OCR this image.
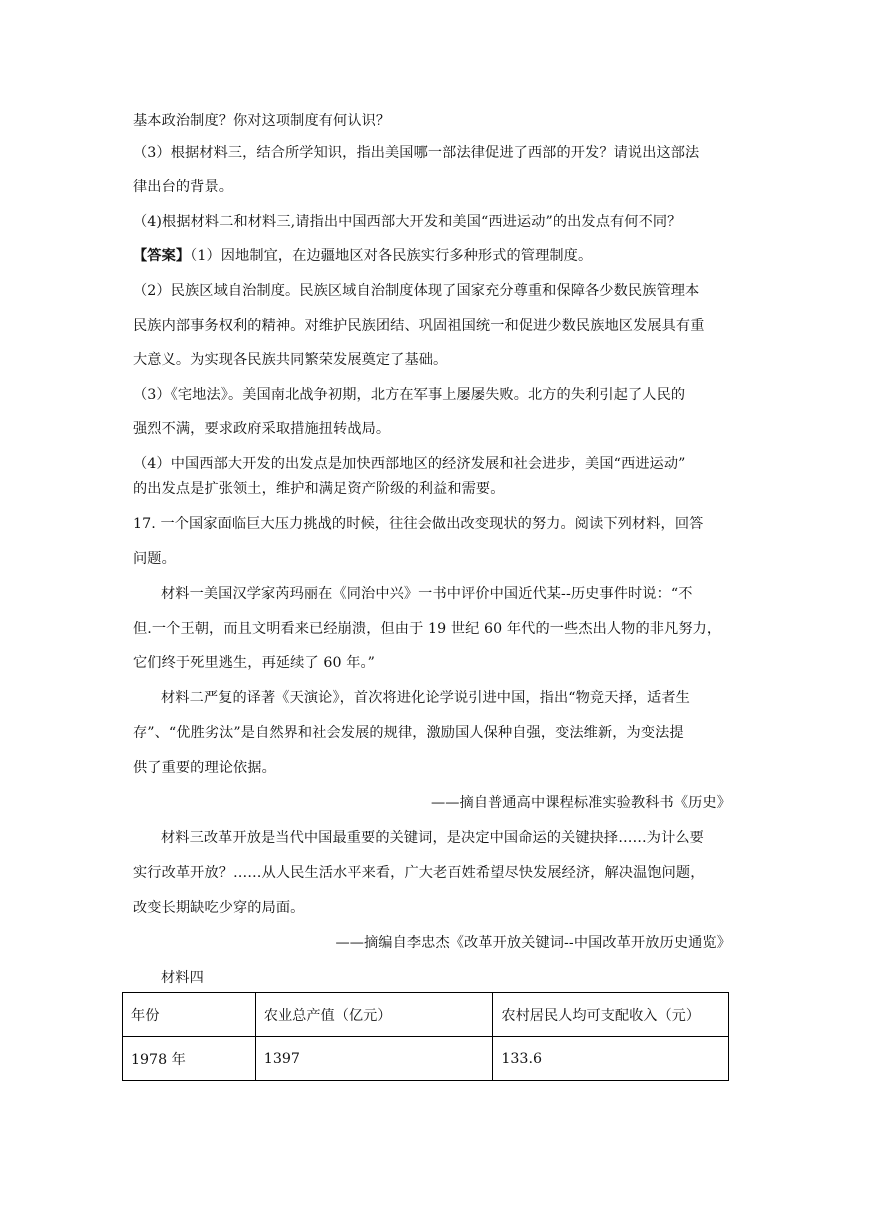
基本政治制度？你对这项制度有何认识？
（3）根据材料三，结合所学知识，指出美国哪一部法律促进了西部的开发？请说出这部法
律出台的背景。
（4)根据材料二和材料三,请指出中国西部大开发和美国“西进运动”的出发点有何不同？
【答案】（1）因地制宜，在边疆地区对各民族实行多种形式的管理制度。
（2）民族区域自治制度。民族区域自治制度体现了国家充分尊重和保障各少数民族管理本
民族内部事务权利的精神。对维护民族团结、巩固祖国统一和促进少数民族地区发展具有重
大意义。为实现各民族共同繁荣发展奠定了基础。
（3）《宅地法》。美国南北战争初期，北方在军事上屡屡失败。北方的失利引起了人民的
强烈不满，要求政府采取措施扭转战局。
（4）中国西部大开发的出发点是加快西部地区的经济发展和社会进步，美国“西进运动”
的出发点是扩张领土，维护和满足资产阶级的利益和需要。
17. 一个国家面临巨大压力挑战的时候，往往会做出改变现状的努力。阅读下列材料，回答
问题。
材料一美国汉学家芮玛丽在《同治中兴》一书中评价中国近代某--历史事件时说：“不
但.一个王朝，而且文明看来已经崩溃，但由于 19 世纪 60 年代的一些杰出人物的非凡努力，
它们终于死里逃生，再延续了 60 年。”
材料二严复的译著《天演论》，首次将进化论学说引进中国，指出“物竞天择，适者生
存”、“优胜劣汰”是自然界和社会发展的规律，激励国人保种自强，变法维新，为变法提
供了重要的理论依据。
——摘自普通高中课程标准实验教科书《历史》
材料三改革开放是当代中国最重要的关键词，是决定中国命运的关键抉择……为计么要
实行改革开放？……从人民生活水平来看，广大老百姓希望尽快发展经济，解决温饱问题，
改变长期缺吃少穿的局面。
——摘编自李忠杰《改革开放关键词--中国改革开放历史通览》
材料四
年份	农业总产值（亿元）	农村居民人均可支配收入（元）
1978 年	1397	133.6
